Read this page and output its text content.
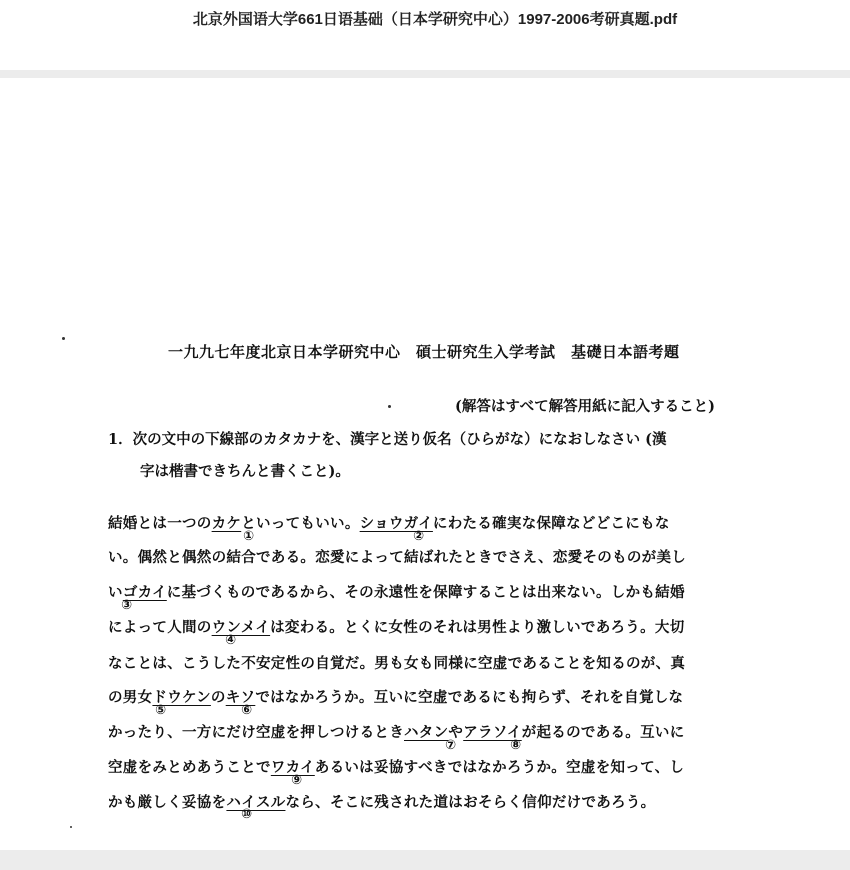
北京外国语大学661日语基础（日本学研究中心）1997-2006考研真题.pdf
一九九七年度北京日本学研究中心　碩士研究生入学考試　基礎日本語考題
(解答はすべて解答用紙に記入すること)
1．次の文中の下線部のカタカナを、漢字と送り仮名（ひらがな）になおしなさい (漢
字は楷書できちんと書くこと)。
結婚とは一つのカケといってもいい。ショウガイにわたる確実な保障などどこにもな
い。偶然と偶然の結合である。恋愛によって結ばれたときでさえ、恋愛そのものが美し
いゴカイに基づくものであるから、その永遠性を保障することは出来ない。しかも結婚
によって人間のウンメイは変わる。とくに女性のそれは男性より激しいであろう。大切
なことは、こうした不安定性の自覚だ。男も女も同様に空虚であることを知るのが、真
の男女ドウケンのキソではなかろうか。互いに空虚であるにも拘らず、それを自覚しな
かったり、一方にだけ空虚を押しつけるときハタンやアラソイが起るのである。互いに
空虚をみとめあうことでワカイあるいは妥協すべきではなかろうか。空虚を知って、し
かも厳しく妥協をハイスルなら、そこに残された道はおそらく信仰だけであろう。
①	②
③
④
⑤	⑥
⑦	⑧
⑨
⑩
